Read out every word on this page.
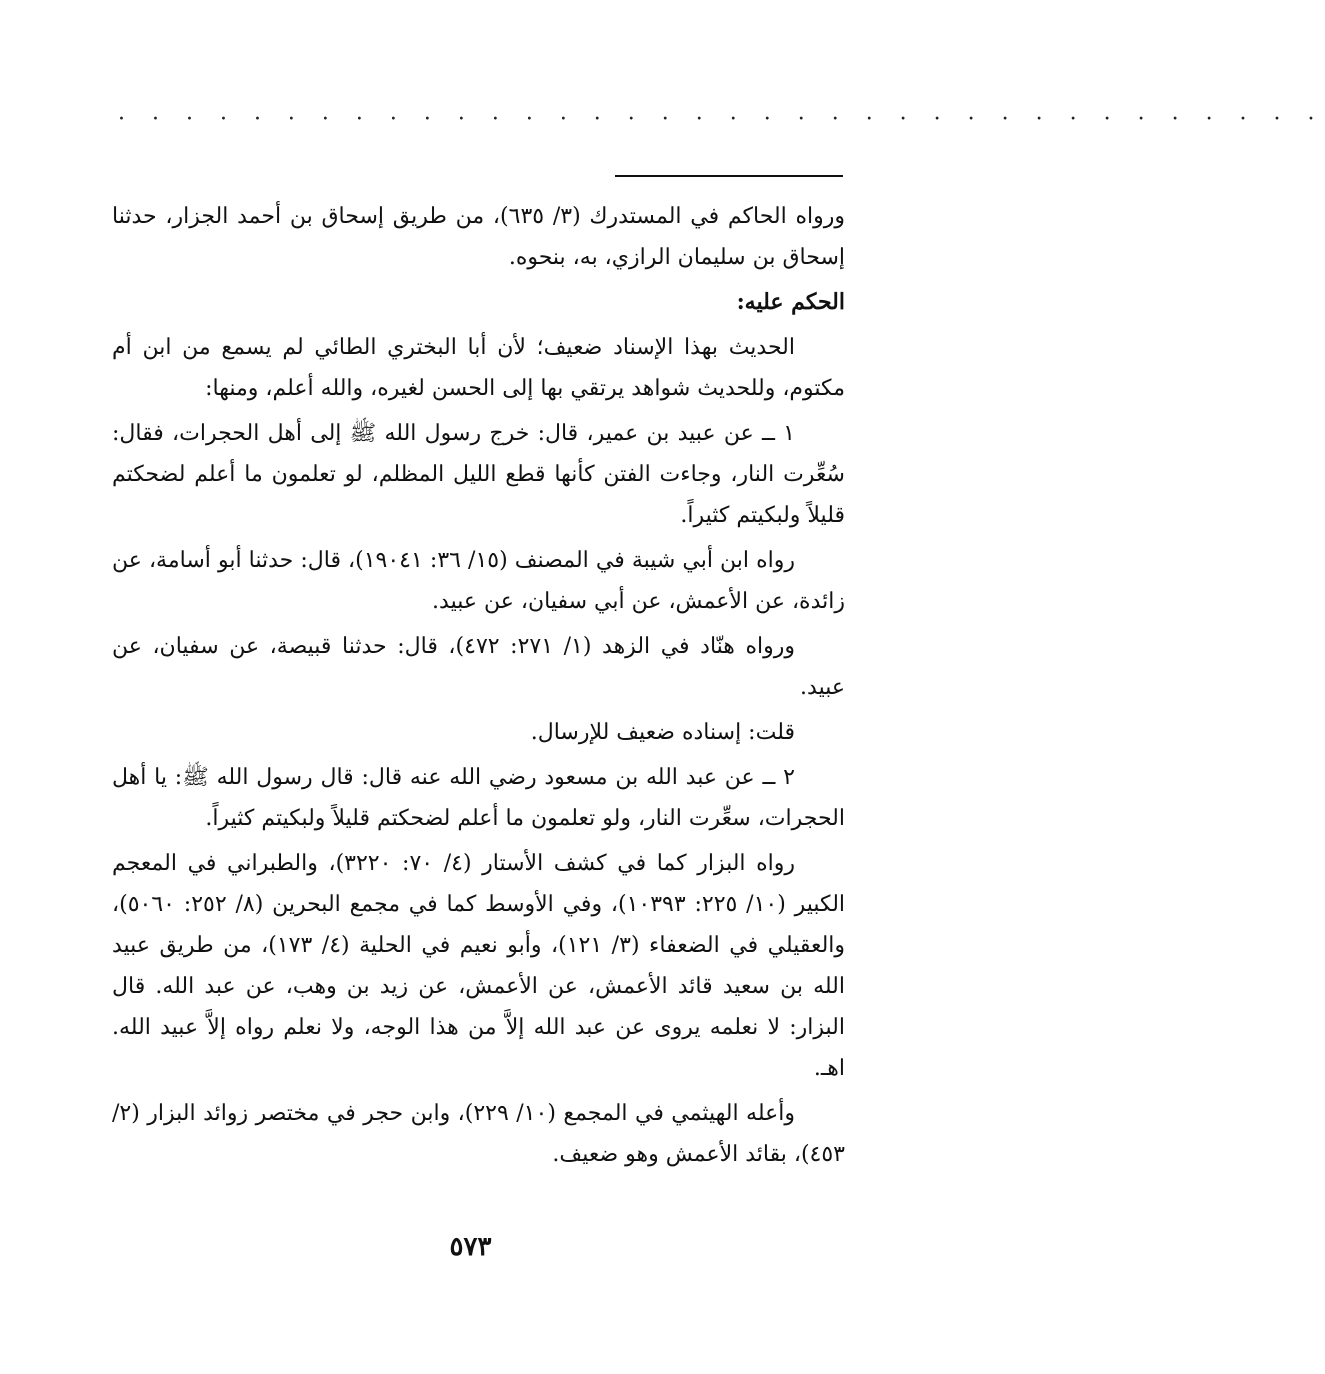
· · · · · · · · · · · · · · · · · · · · · · · · · · · · · · · · · · · ·

ورواه الحاكم في المستدرك (٣/ ٦٣٥)، من طريق إسحاق بن أحمد الجزار، حدثنا إسحاق بن سليمان الرازي، به، بنحوه.

الحكم عليه:

الحديث بهذا الإسناد ضعيف؛ لأن أبا البختري الطائي لم يسمع من ابن أم مكتوم، وللحديث شواهد يرتقي بها إلى الحسن لغيره، والله أعلم، ومنها:

١ ــ عن عبيد بن عمير، قال: خرج رسول الله ﷺ إلى أهل الحجرات، فقال: سُعِّرت النار، وجاءت الفتن كأنها قطع الليل المظلم، لو تعلمون ما أعلم لضحكتم قليلاً ولبكيتم كثيراً.

رواه ابن أبي شيبة في المصنف (١٥/ ٣٦: ١٩٠٤١)، قال: حدثنا أبو أسامة، عن زائدة، عن الأعمش، عن أبي سفيان، عن عبيد.

ورواه هنّاد في الزهد (١/ ٢٧١: ٤٧٢)، قال: حدثنا قبيصة، عن سفيان، عن عبيد.

قلت: إسناده ضعيف للإرسال.

٢ ــ عن عبد الله بن مسعود رضي الله عنه قال: قال رسول الله ﷺ: يا أهل الحجرات، سعِّرت النار، ولو تعلمون ما أعلم لضحكتم قليلاً ولبكيتم كثيراً.

رواه البزار كما في كشف الأستار (٤/ ٧٠: ٣٢٢٠)، والطبراني في المعجم الكبير (١٠/ ٢٢٥: ١٠٣٩٣)، وفي الأوسط كما في مجمع البحرين (٨/ ٢٥٢: ٥٠٦٠)، والعقيلي في الضعفاء (٣/ ١٢١)، وأبو نعيم في الحلية (٤/ ١٧٣)، من طريق عبيد الله بن سعيد قائد الأعمش، عن الأعمش، عن زيد بن وهب، عن عبد الله. قال البزار: لا نعلمه يروى عن عبد الله إلاَّ من هذا الوجه، ولا نعلم رواه إلاَّ عبيد الله. اهـ.

وأعله الهيثمي في المجمع (١٠/ ٢٢٩)، وابن حجر في مختصر زوائد البزار (٢/ ٤٥٣)، بقائد الأعمش وهو ضعيف.

٥٧٣
